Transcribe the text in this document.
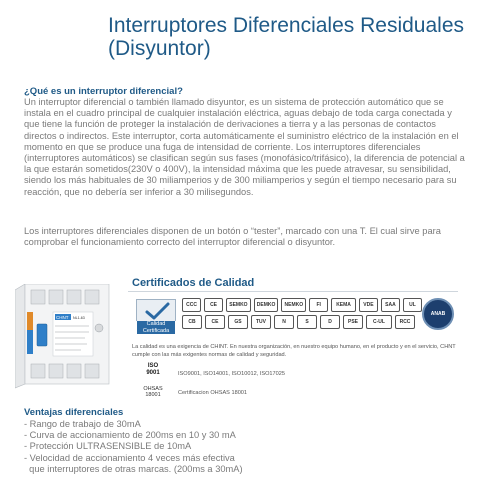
Interruptores Diferenciales Residuales (Disyuntor)
¿Qué es un interruptor diferencial?
Un interruptor diferencial o también llamado disyuntor, es un sistema de protección automático que se instala en el cuadro principal de cualquier instalación eléctrica, aguas debajo de toda carga conectada y que tiene la función de proteger la instalación de derivaciones a tierra y a las personas de contactos directos o indirectos. Este interruptor, corta automáticamente el suministro eléctrico de la instalación en el momento en que se produce una fuga de intensidad de corriente. Los interruptores diferenciales (interruptores automáticos) se clasifican según sus fases (monofásico/trifásico), la diferencia de potencial a la que estarán sometidos(230V o 400V), la intensidad máxima que les puede atravesar, su sensibilidad, siendo los más habituales de 30 miliamperios y de 300 miliamperios y según el tiempo necesario para su reacción, que no debería ser inferior a 30 milisegundos.
Los interruptores diferenciales disponen de un botón o “tester”, marcado con una T. El cual sirve para comprobar el funcionamiento correcto del interruptor diferencial o disyuntor.
CHNT NL1-63
Certificados de Calidad
Calidad
Certificada
CCC	CE	SEMKO	DEMKO	NEMKO	FI	KEMA	VDE	SAA	UL
CB	CE	GS	TUV	N	S	D	PSE	C-UL	RCC
ANAB
La calidad es una exigencia de CHINT. En nuestra organización, en nuestro equipo humano, en el producto y en el servicio, CHNT cumple con las más exigentes normas de calidad y seguridad.
ISO
9001	ISO9001, ISO14001, ISO10012, ISO17025
OHSAS
18001	Certificacion OHSAS 18001
Ventajas diferenciales
- Rango de trabajo de 30mA
- Curva de accionamiento de 200ms en 10 y 30 mA
- Protección ULTRASENSIBLE de 10mA
- Velocidad de accionamiento 4 veces más efectiva
que interruptores de otras marcas. (200ms a 30mA)
